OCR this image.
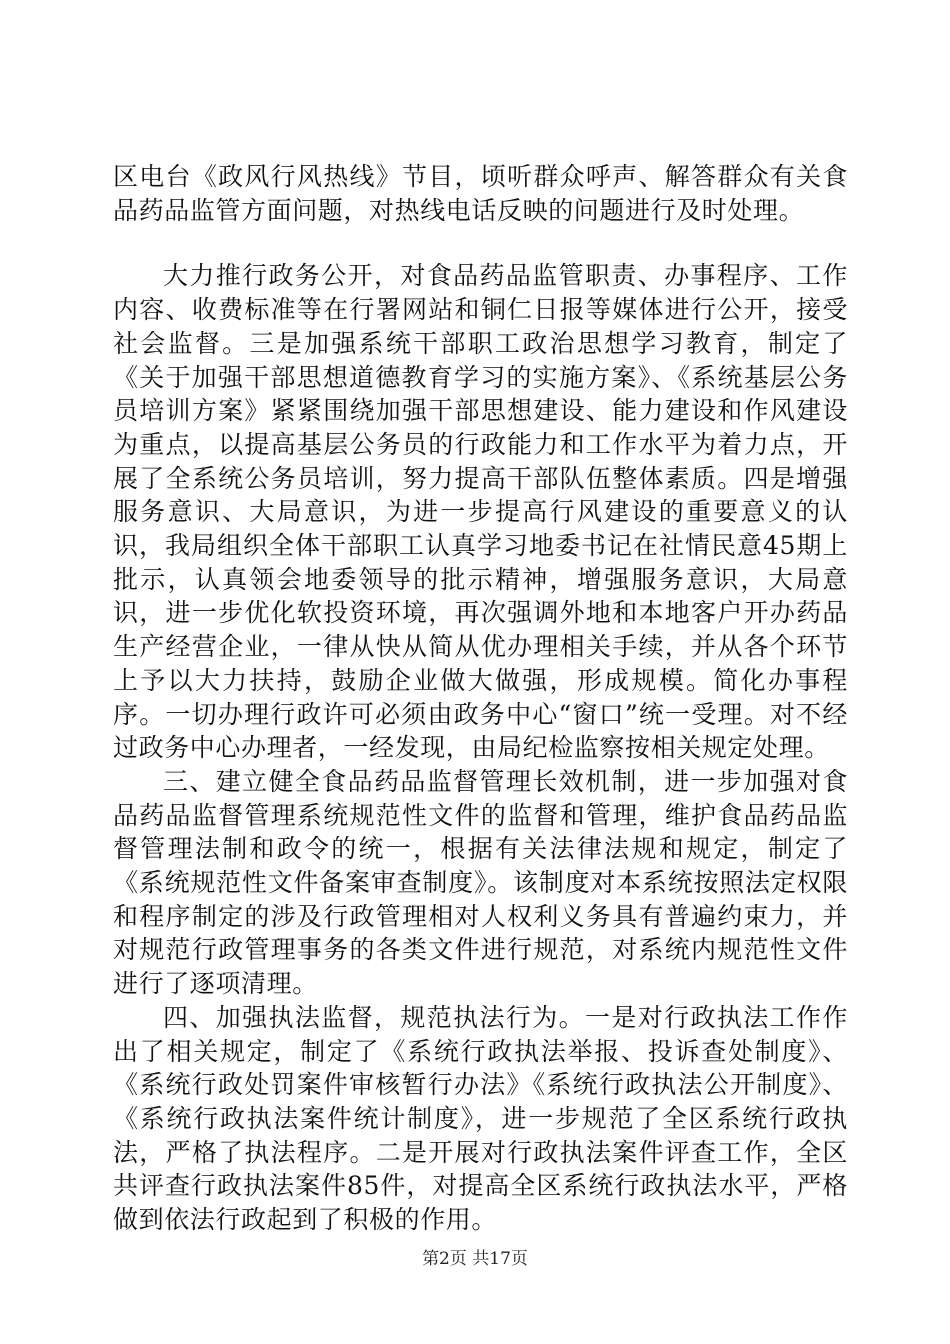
区电台《政风行风热线》节目，顷听群众呼声、解答群众有关食品药品监管方面问题，对热线电话反映的问题进行及时处理。

大力推行政务公开，对食品药品监管职责、办事程序、工作内容、收费标准等在行署网站和铜仁日报等媒体进行公开，接受社会监督。三是加强系统干部职工政治思想学习教育，制定了《关于加强干部思想道德教育学习的实施方案》、《系统基层公务员培训方案》紧紧围绕加强干部思想建设、能力建设和作风建设为重点，以提高基层公务员的行政能力和工作水平为着力点，开展了全系统公务员培训，努力提高干部队伍整体素质。四是增强服务意识、大局意识，为进一步提高行风建设的重要意义的认识，我局组织全体干部职工认真学习地委书记在社情民意45期上批示，认真领会地委领导的批示精神，增强服务意识，大局意识，进一步优化软投资环境，再次强调外地和本地客户开办药品生产经营企业，一律从快从简从优办理相关手续，并从各个环节上予以大力扶持，鼓励企业做大做强，形成规模。简化办事程序。一切办理行政许可必须由政务中心“窗口”统一受理。对不经过政务中心办理者，一经发现，由局纪检监察按相关规定处理。

三、建立健全食品药品监督管理长效机制，进一步加强对食品药品监督管理系统规范性文件的监督和管理，维护食品药品监督管理法制和政令的统一，根据有关法律法规和规定，制定了《系统规范性文件备案审查制度》。该制度对本系统按照法定权限和程序制定的涉及行政管理相对人权利义务具有普遍约束力，并对规范行政管理事务的各类文件进行规范，对系统内规范性文件进行了逐项清理。

四、加强执法监督，规范执法行为。一是对行政执法工作作出了相关规定，制定了《系统行政执法举报、投诉查处制度》、《系统行政处罚案件审核暂行办法》《系统行政执法公开制度》、《系统行政执法案件统计制度》，进一步规范了全区系统行政执法，严格了执法程序。二是开展对行政执法案件评查工作，全区共评查行政执法案件85件，对提高全区系统行政执法水平，严格做到依法行政起到了积极的作用。

第2页 共17页
